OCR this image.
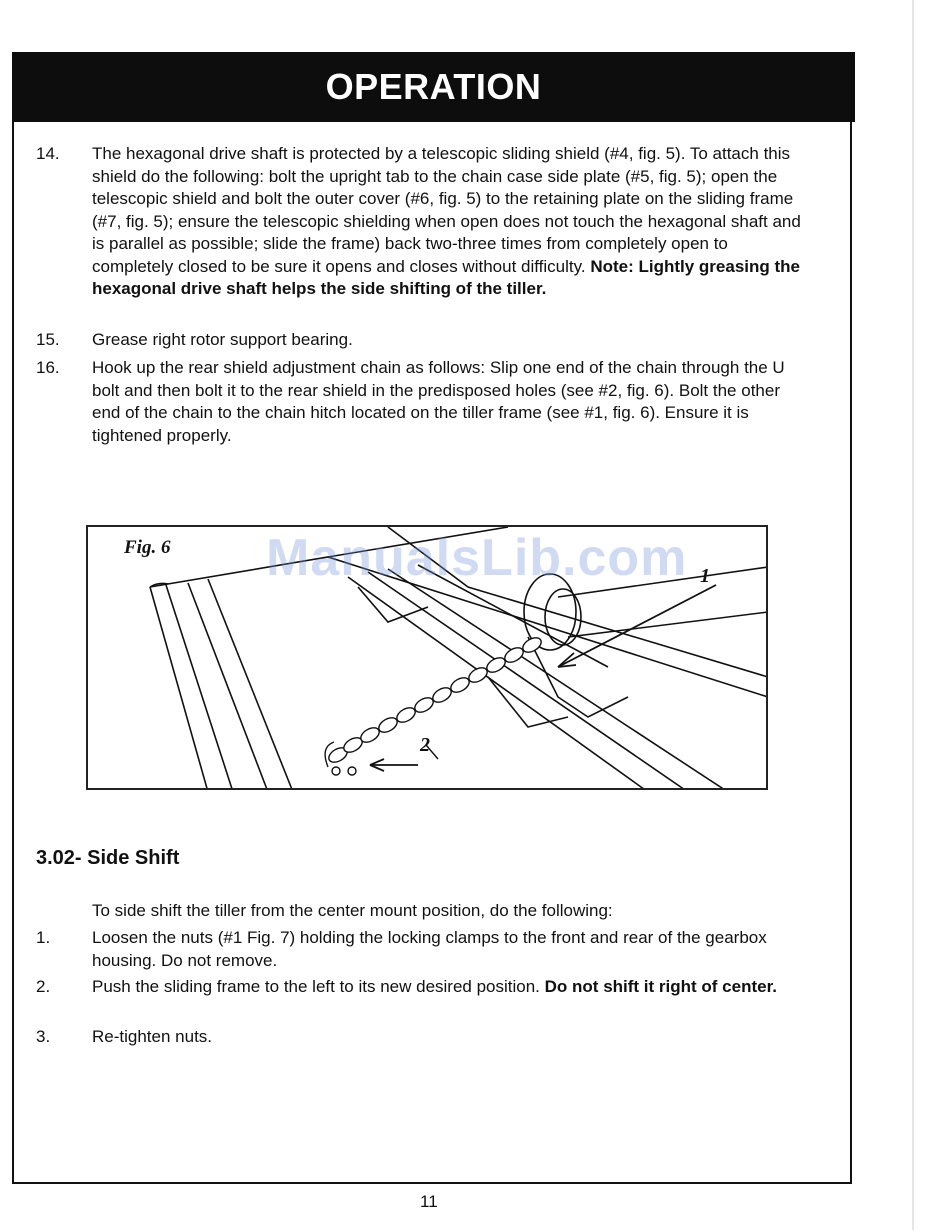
OPERATION
14. The hexagonal drive shaft is protected by a telescopic sliding shield (#4, fig. 5). To attach this shield do the following: bolt the upright tab to the chain case side plate (#5, fig. 5); open the telescopic shield and bolt the outer cover (#6, fig. 5) to the retaining plate on the sliding frame (#7, fig. 5); ensure the telescopic shielding when open does not touch the hexagonal shaft and is parallel as possible; slide the frame) back two-three times from completely open to completely closed to be sure it opens and closes without difficulty. Note: Lightly greasing the hexagonal drive shaft helps the side shifting of the tiller.
15. Grease right rotor support bearing.
16. Hook up the rear shield adjustment chain as follows: Slip one end of the chain through the U bolt and then bolt it to the rear shield in the predisposed holes (see #2, fig. 6). Bolt the other end of the chain to the chain hitch located on the tiller frame (see #1, fig. 6). Ensure it is tightened properly.
Fig. 6
1
2
ManualsLib.com
3.02- Side Shift
To side shift the tiller from the center mount position, do the following:
1. Loosen the nuts (#1 Fig. 7) holding the locking clamps to the front and rear of the gearbox housing. Do not remove.
2. Push the sliding frame to the left to its new desired position. Do not shift it right of center.
3. Re-tighten nuts.
11
